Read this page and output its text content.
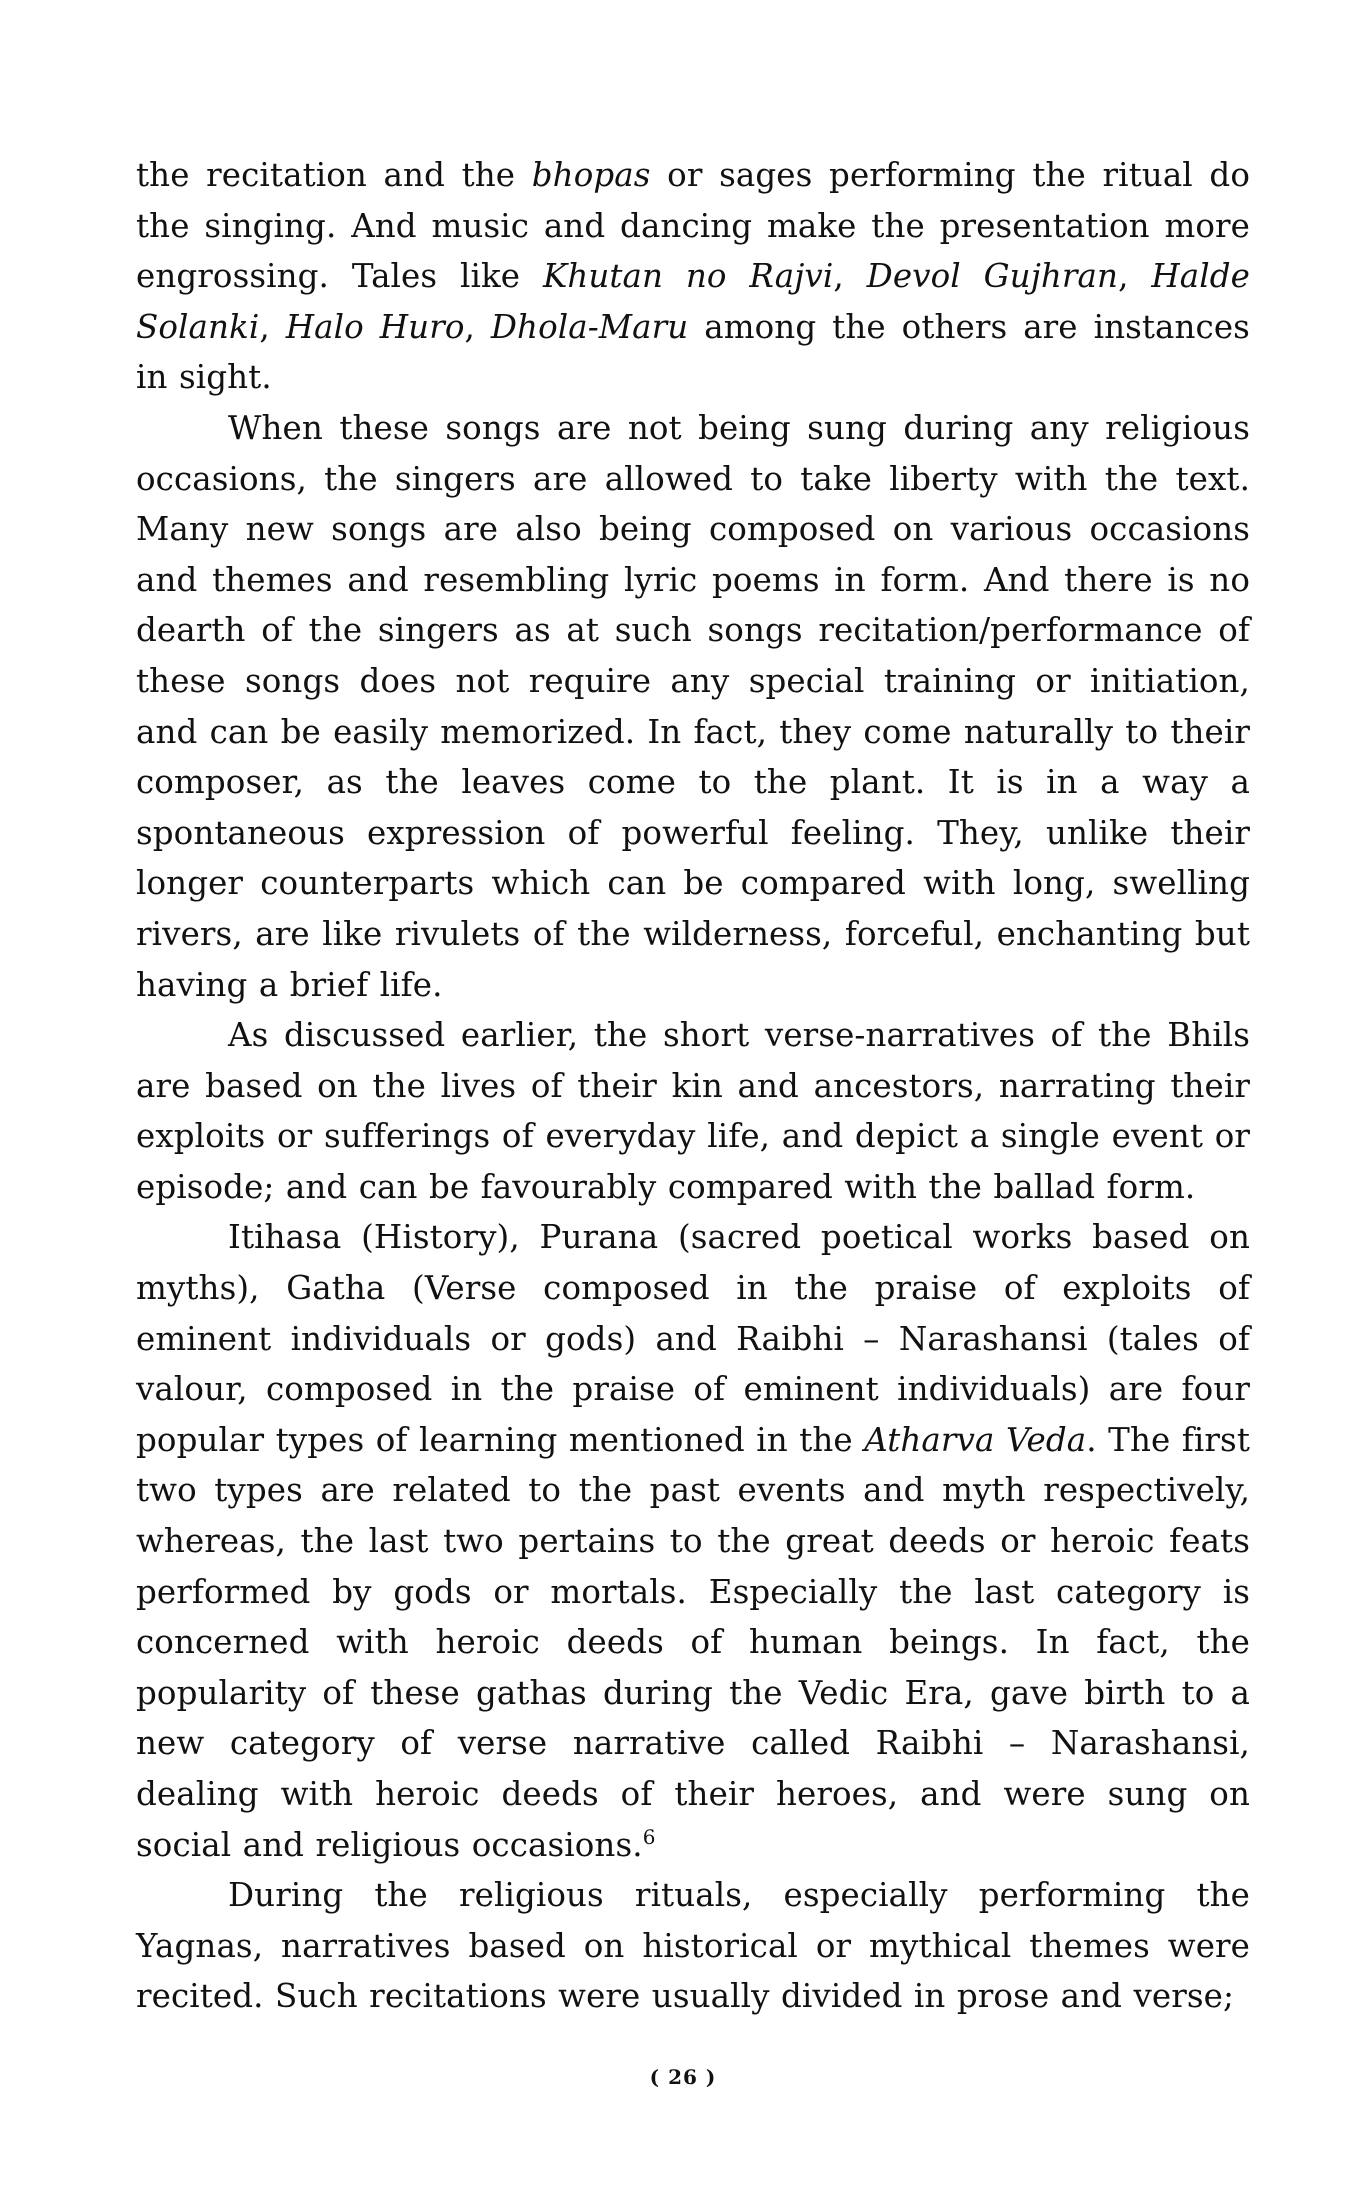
the recitation and the bhopas or sages performing the ritual do the singing. And music and dancing make the presentation more engrossing. Tales like Khutan no Rajvi, Devol Gujhran, Halde Solanki, Halo Huro, Dhola-Maru among the others are instances in sight.

When these songs are not being sung during any religious occasions, the singers are allowed to take liberty with the text. Many new songs are also being composed on various occasions and themes and resembling lyric poems in form. And there is no dearth of the singers as at such songs recitation/performance of these songs does not require any special training or initiation, and can be easily memorized. In fact, they come naturally to their composer, as the leaves come to the plant. It is in a way a spontaneous expression of powerful feeling. They, unlike their longer counterparts which can be compared with long, swelling rivers, are like rivulets of the wilderness, forceful, enchanting but having a brief life.

As discussed earlier, the short verse-narratives of the Bhils are based on the lives of their kin and ancestors, narrating their exploits or sufferings of everyday life, and depict a single event or episode; and can be favourably compared with the ballad form.

Itihasa (History), Purana (sacred poetical works based on myths), Gatha (Verse composed in the praise of exploits of eminent individuals or gods) and Raibhi – Narashansi (tales of valour, composed in the praise of eminent individuals) are four popular types of learning mentioned in the Atharva Veda. The first two types are related to the past events and myth respectively, whereas, the last two pertains to the great deeds or heroic feats performed by gods or mortals. Especially the last category is concerned with heroic deeds of human beings. In fact, the popularity of these gathas during the Vedic Era, gave birth to a new category of verse narrative called Raibhi – Narashansi, dealing with heroic deeds of their heroes, and were sung on social and religious occasions.$^6$

During the religious rituals, especially performing the Yagnas, narratives based on historical or mythical themes were recited. Such recitations were usually divided in prose and verse;

( 26 )
